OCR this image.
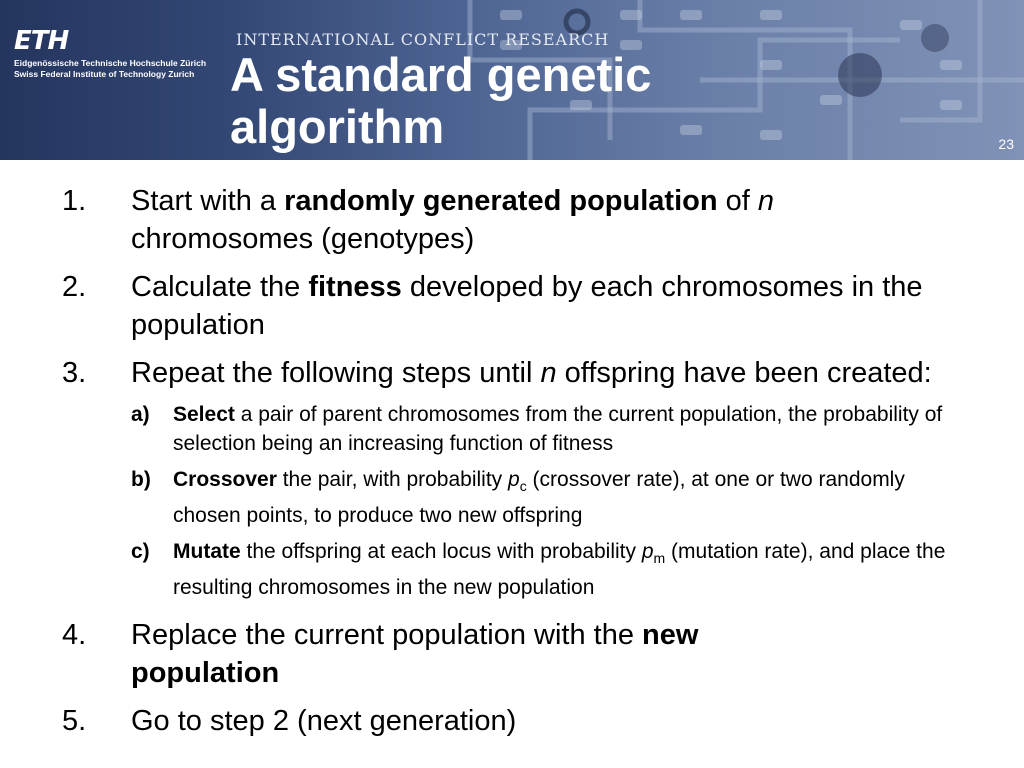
ETH
Eidgenössische Technische Hochschule Zürich
Swiss Federal Institute of Technology Zurich
INTERNATIONAL CONFLICT RESEARCH
A standard genetic
algorithm	23
1. Start with a randomly generated population of n chromosomes (genotypes)
2. Calculate the fitness developed by each chromosomes in the population
3. Repeat the following steps until n offspring have been created:
a) Select a pair of parent chromosomes from the current population, the probability of selection being an increasing function of fitness
b) Crossover the pair, with probability $p_c$ (crossover rate), at one or two randomly chosen points, to produce two new offspring
c) Mutate the offspring at each locus with probability $p_m$ (mutation rate), and place the resulting chromosomes in the new population
4. Replace the current population with the new population
5. Go to step 2 (next generation)
